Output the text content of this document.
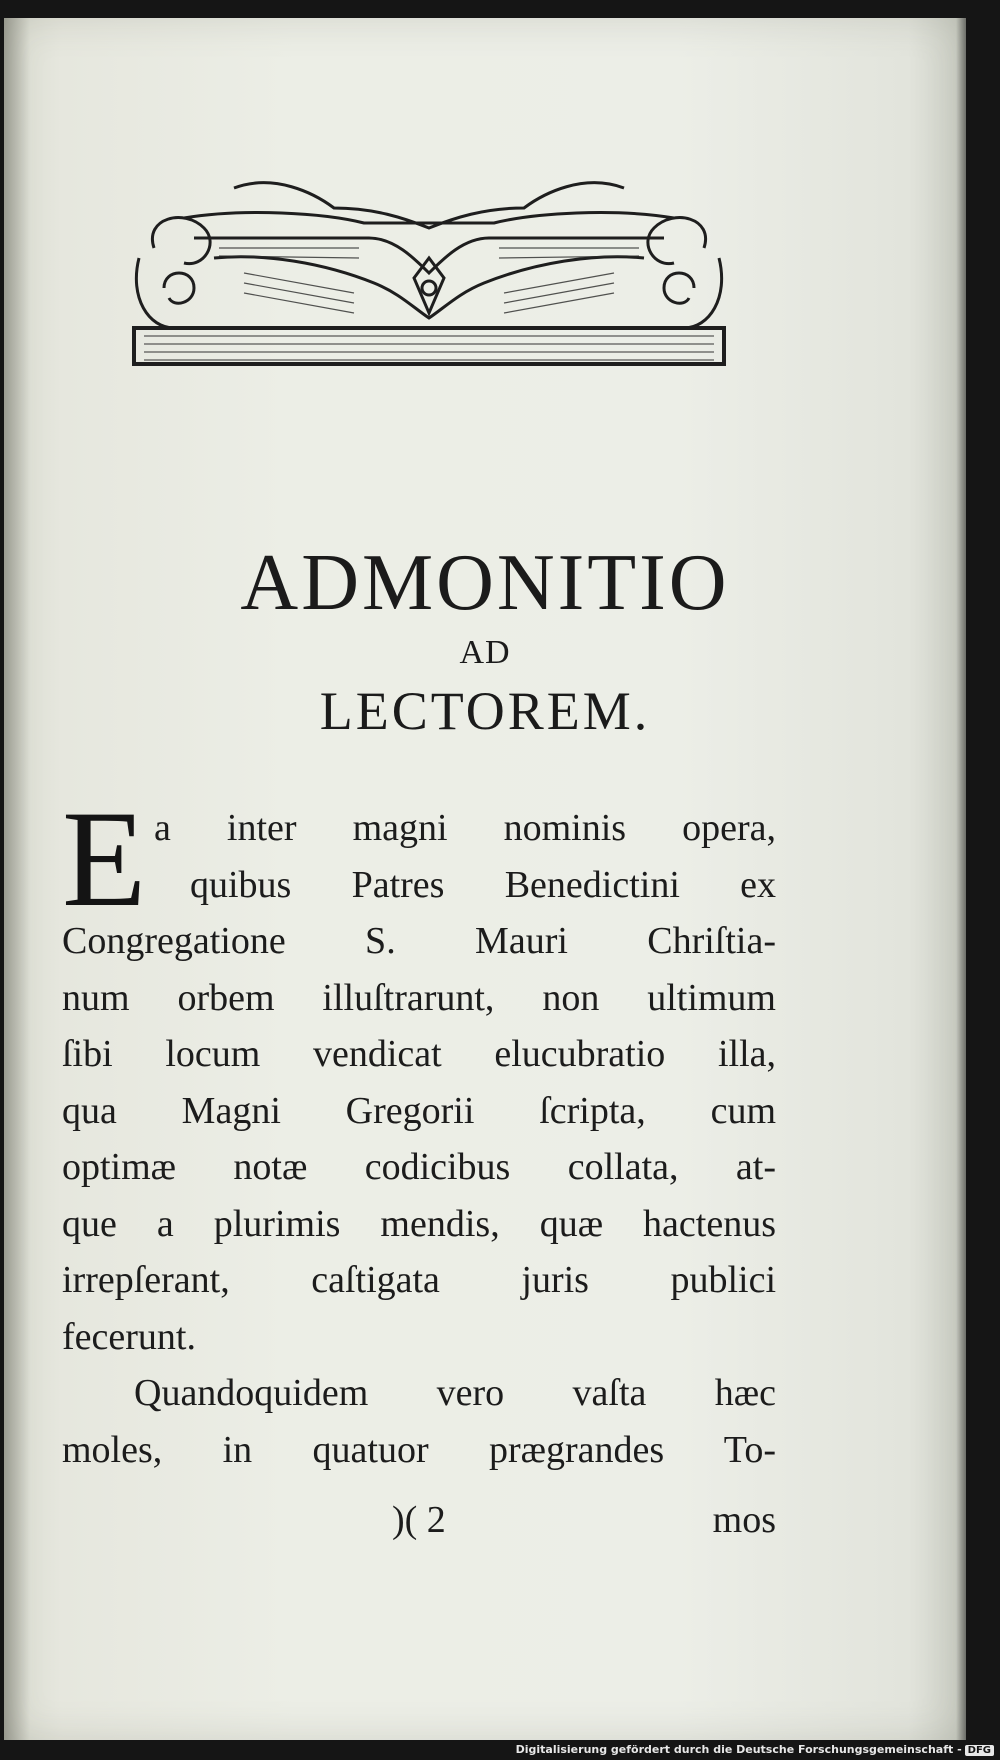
ADMONITIO
AD
LECTOREM.
E a inter magni nominis opera,
quibus Patres Benedictini ex
Congregatione S. Mauri Chriſtia-
num orbem illuſtrarunt, non ultimum
ſibi locum vendicat elucubratio illa,
qua Magni Gregorii ſcripta, cum
optimæ notæ codicibus collata, at-
que a plurimis mendis, quæ hactenus
irrepſerant, caſtigata juris publici
fecerunt.
Quandoquidem vero vaſta hæc
moles, in quatuor prægrandes To-
)( 2	mos
Digitalisierung gefördert durch die Deutsche Forschungsgemeinschaft - DFG
